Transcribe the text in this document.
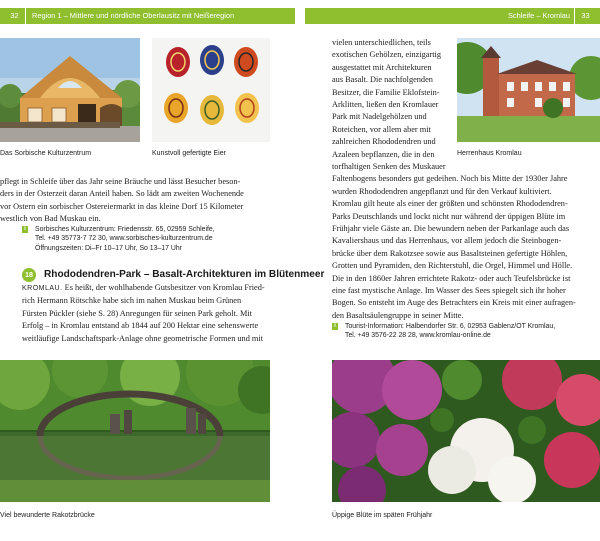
32	Region 1 – Mittlere und nördliche Oberlausitz mit Neißeregion	Schleife – Kromlau	33
Das Sorbische Kulturzentrum	Kunstvoll gefertigte Eier
pflegt in Schleife über das Jahr seine Bräuche und lässt Besucher beson-
ders in der Osterzeit daran Anteil haben. So lädt am zweiten Wochenende
vor Ostern ein sorbischer Ostereiermarkt in das kleine Dorf 15 Kilometer
westlich von Bad Muskau ein.
i	Sorbisches Kulturzentrum: Friedensstr. 65, 02959 Schleife,
Tel. +49 35773-7 72 30, www.sorbisches-kulturzentrum.de
Öffnungszeiten: Di–Fr 10–17 Uhr, So 13–17 Uhr
18 Rhododendren-Park – Basalt-Architekturen im Blütenmeer
KROMLAU. Es heißt, der wohlhabende Gutsbesitzer von Kromlau Fried-
rich Hermann Rötschke habe sich im nahen Muskau beim Grünen
Fürsten Pückler (siehe S. 28) Anregungen für seinen Park geholt. Mit
Erfolg – in Kromlau entstand ab 1844 auf 200 Hektar eine sehenswerte
weitläufige Landschaftspark-Anlage ohne geometrische Formen und mit
Viel bewunderte Rakotzbrücke
vielen unterschiedlichen, teils
exotischen Gehölzen, einzigartig
ausgestattet mit Architekturen
aus Basalt. Die nachfolgenden
Besitzer, die Familie Eklofstein-
Arklitten, ließen den Kromlauer
Park mit Nadelgehölzen und
Roteichen, vor allem aber mit
zahlreichen Rhododendren und
Azaleen bepflanzen, die in den
torfhaltigen Senken des Muskauer
Herrenhaus Kromlau
Faltenbogens besonders gut gedeihen. Noch bis Mitte der 1930er Jahre
wurden Rhododendren angepflanzt und für den Verkauf kultiviert.
Kromlau gilt heute als einer der größten und schönsten Rhododendren-
Parks Deutschlands und lockt nicht nur während der üppigen Blüte im
Frühjahr viele Gäste an. Die bewundern neben der Parkanlage auch das
Kavaliershaus und das Herrenhaus, vor allem jedoch die Steinbogen-
brücke über dem Rakotzsee sowie aus Basaltsteinen gefertigte Höhlen,
Grotten und Pyramiden, den Richterstuhl, die Orgel, Himmel und Hölle.
Die in den 1860er Jahren errichtete Rakotz- oder auch Teufelsbrücke ist
eine fast mystische Anlage. Im Wasser des Sees spiegelt sich ihr hoher
Bogen. So entsteht im Auge des Betrachters ein Kreis mit einer aufragen-
den Basaltsäulengruppe in seiner Mitte.
i	Tourist-Information: Halbendorfer Str. 6, 02953 Gablenz/OT Kromlau,
Tel. +49 3576-22 28 28, www.kromlau-online.de
Üppige Blüte im späten Frühjahr
